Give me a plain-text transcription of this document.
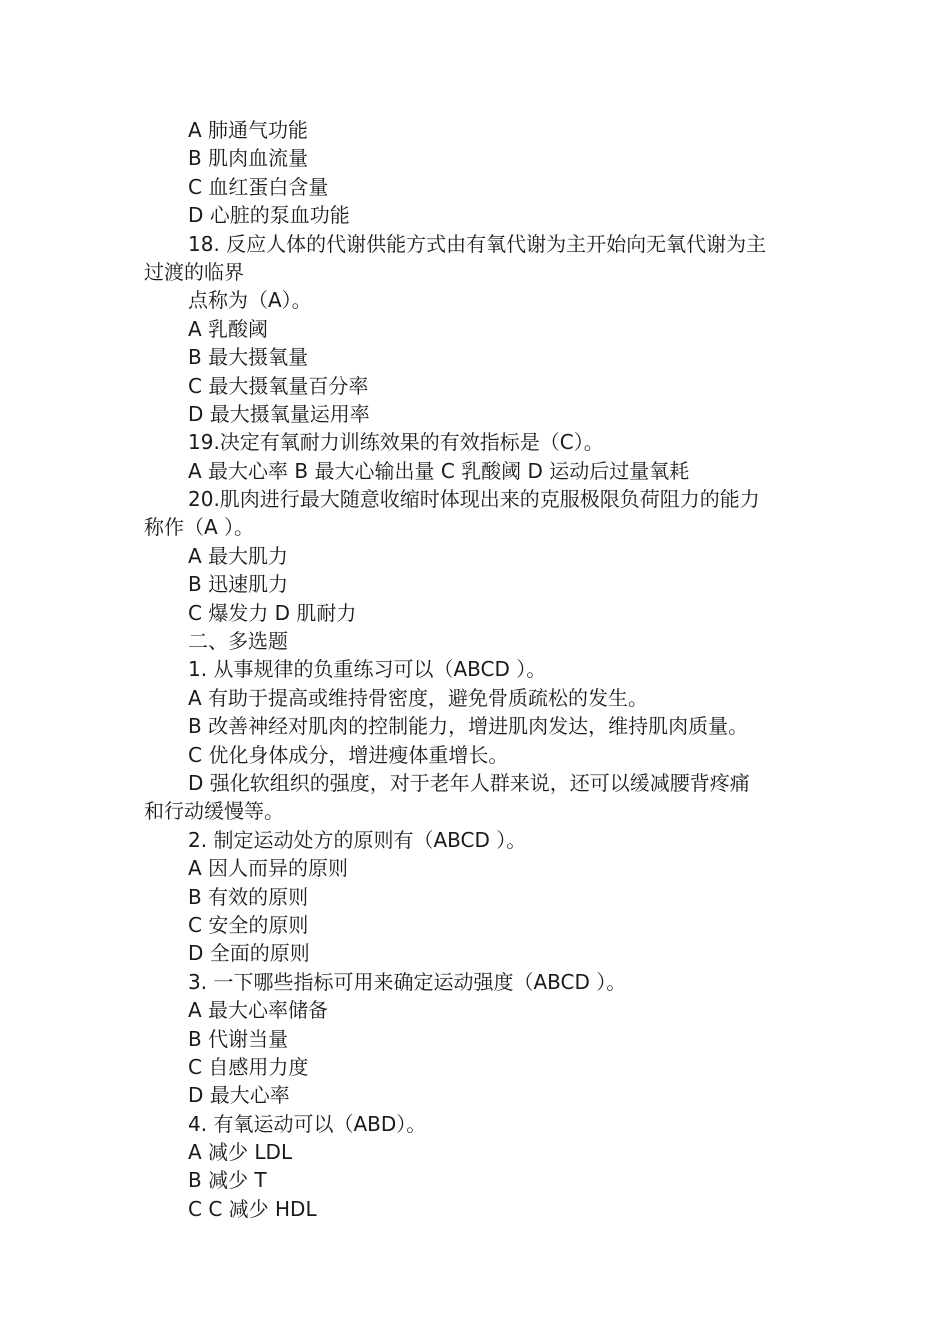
A 肺通气功能

B 肌肉血流量

C 血红蛋白含量

D 心脏的泵血功能

18. 反应人体的代谢供能方式由有氧代谢为主开始向无氧代谢为主

过渡的临界

点称为（A）。

A 乳酸阈

B 最大摄氧量

C 最大摄氧量百分率

D 最大摄氧量运用率

19.决定有氧耐力训练效果的有效指标是（C）。

A 最大心率 B 最大心输出量 C 乳酸阈 D 运动后过量氧耗

20.肌肉进行最大随意收缩时体现出来的克服极限负荷阻力的能力

称作（A ）。

A 最大肌力

B 迅速肌力

C 爆发力 D 肌耐力

二、多选题

1. 从事规律的负重练习可以（ABCD ）。

A 有助于提高或维持骨密度，避免骨质疏松的发生。

B 改善神经对肌肉的控制能力，增进肌肉发达，维持肌肉质量。

C 优化身体成分，增进瘦体重增长。

D 强化软组织的强度，对于老年人群来说，还可以缓减腰背疼痛

和行动缓慢等。

2. 制定运动处方的原则有（ABCD ）。

A 因人而异的原则

B 有效的原则

C 安全的原则

D 全面的原则

3. 一下哪些指标可用来确定运动强度（ABCD ）。

A 最大心率储备

B 代谢当量

C 自感用力度

D 最大心率

4. 有氧运动可以（ABD）。

A 减少 LDL

B 减少 T

C C 减少 HDL
